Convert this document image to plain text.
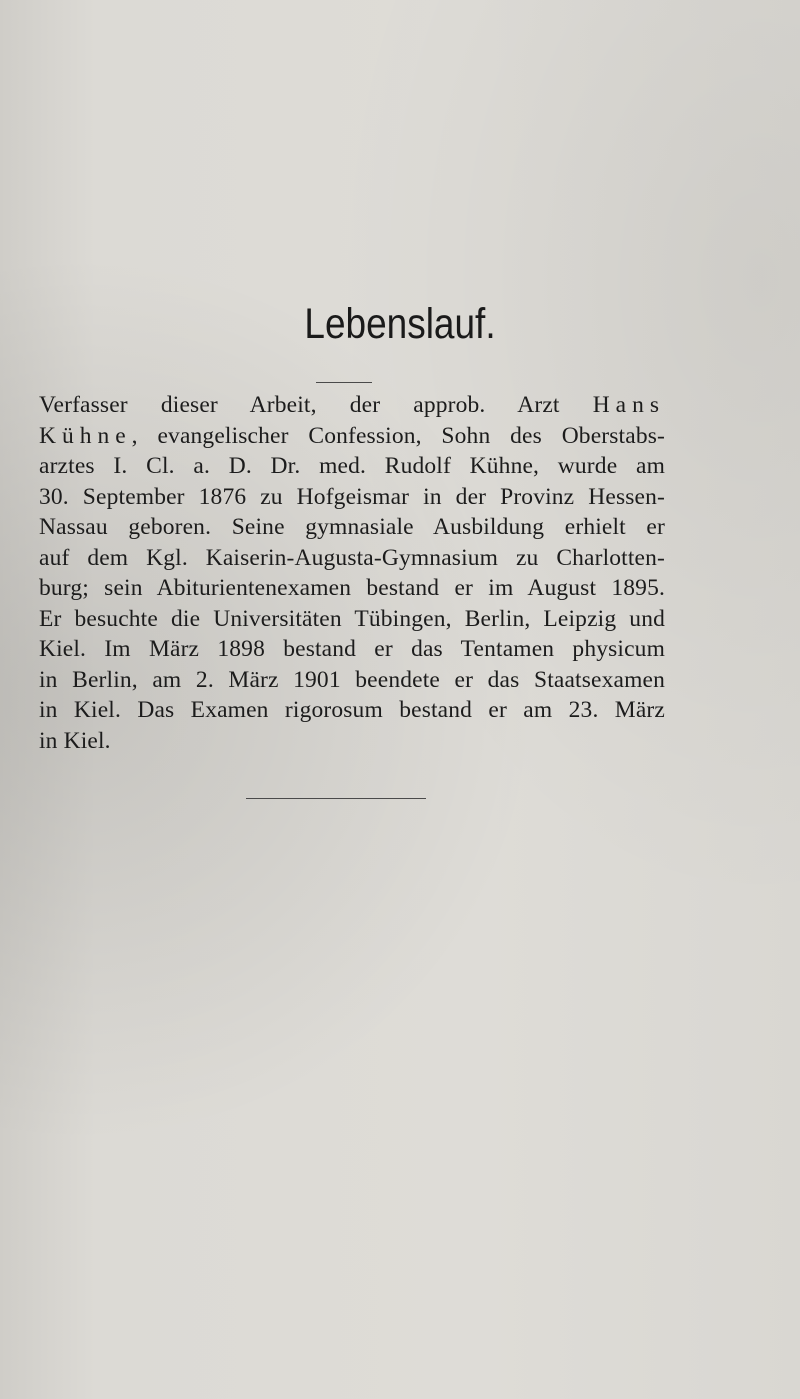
Lebenslauf.
Verfasser dieser Arbeit, der approb. Arzt Hans
Kühne, evangelischer Confession, Sohn des Oberstabs-
arztes I. Cl. a. D. Dr. med. Rudolf Kühne, wurde am
30. September 1876 zu Hofgeismar in der Provinz Hessen-
Nassau geboren. Seine gymnasiale Ausbildung erhielt er
auf dem Kgl. Kaiserin-Augusta-Gymnasium zu Charlotten-
burg; sein Abiturientenexamen bestand er im August 1895.
Er besuchte die Universitäten Tübingen, Berlin, Leipzig und
Kiel. Im März 1898 bestand er das Tentamen physicum
in Berlin, am 2. März 1901 beendete er das Staatsexamen
in Kiel. Das Examen rigorosum bestand er am 23. März
in Kiel.
